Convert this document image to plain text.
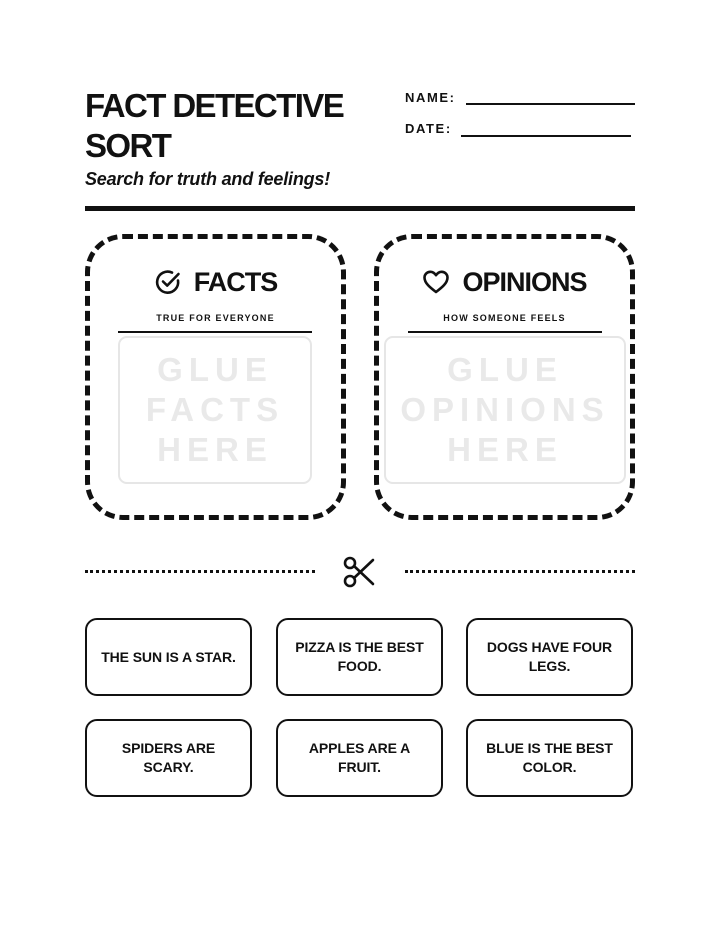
FACT DETECTIVE SORT
Search for truth and feelings!
NAME:
DATE:
FACTS
TRUE FOR EVERYONE
GLUE
FACTS
HERE
OPINIONS
HOW SOMEONE FEELS
GLUE
OPINIONS
HERE
THE SUN IS A STAR.
PIZZA IS THE BEST FOOD.
DOGS HAVE FOUR LEGS.
SPIDERS ARE SCARY.
APPLES ARE A FRUIT.
BLUE IS THE BEST COLOR.
